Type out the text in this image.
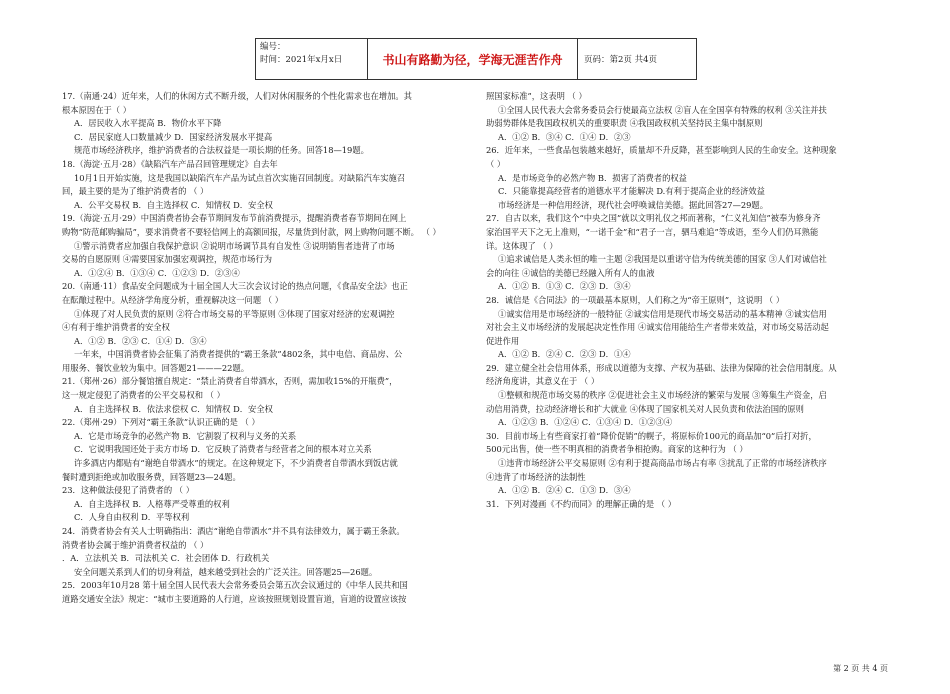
编号：
时间：2021年x月x日	书山有路勤为径，学海无涯苦作舟	页码：第2页 共4页
17.（南通·24）近年来，人们的休闲方式不断升级，人们对休闲服务的个性化需求也在增加。其
根本原因在于（ ）
A．居民收入水平提高 B．物价水平下降
C．居民家庭人口数量减少 D．国家经济发展水平提高
规范市场经济秩序，维护消费者的合法权益是一项长期的任务。回答18—19题。
18.（海淀·五月·28）《缺陷汽车产品召回管理规定》自去年
10月1日开始实施，这是我国以缺陷汽车产品为试点首次实施召回制度。对缺陷汽车实施召
回，最主要的是为了维护消费者的 （ ）
A．公平交易权 B．自主选择权 C．知情权 D．安全权
19.（海淀·五月·29）中国消费者协会春节期间发布节前消费提示，提醒消费者春节期间在网上
购物“防范邮购骗局”，要求消费者不要轻信网上的高额回报，尽量货到付款，网上购物问题不断。 （ ）
①警示消费者应加强自我保护意识 ②说明市场调节具有自发性 ③说明销售者违背了市场
交易的自愿原则 ④需要国家加强宏观调控，规范市场行为
A．①②④ B．①③④ C．①②③ D．②③④
20.（南通·11）食品安全问题成为十届全国人大三次会议讨论的热点问题，《食品安全法》也正
在酝酿过程中。从经济学角度分析，重视解决这一问题 （ ）
①体现了对人民负责的原则 ②符合市场交易的平等原则 ③体现了国家对经济的宏观调控
④有利于维护消费者的安全权
A．①② B．②③ C．①④ D．③④
一年来，中国消费者协会征集了消费者提供的“霸王条款”4802条，其中电信、商品房、公
用服务、餐饮业较为集中。回答题21———22题。
21.（郑州·26）部分餐馆擅自规定：“禁止消费者自带酒水，否则，需加收15%的开瓶费”，
这一规定侵犯了消费者的公平交易权和 （ ）
A．自主选择权 B．依法求偿权 C．知情权 D．安全权
22.（郑州·29）下列对“霸王条款”认识正确的是 （ ）
A．它是市场竞争的必然产物 B．它割裂了权利与义务的关系
C．它说明我国还处于卖方市场 D．它反映了消费者与经营者之间的根本对立关系
许多酒店内都贴有“谢绝自带酒水”的规定。在这种规定下，不少消费者自带酒水到饭店就
餐时遭到拒绝或加收服务费，回答题23—24题。
23．这种做法侵犯了消费者的 （ ）
A．自主选择权 B．人格尊严受尊重的权利
C．人身自由权利 D．平等权利
24．消费者协会有关人士明确指出：酒店“谢绝自带酒水”并不具有法律效力，属于霸王条款。
消费者协会属于维护消费者权益的 （ ）
．A．立法机关 B．司法机关 C．社会团体 D．行政机关
安全问题关系到人们的切身利益，越来越受到社会的广泛关注。回答题25—26题。
25．2003年10月28 第十届全国人民代表大会常务委员会第五次会议通过的《中华人民共和国
道路交通安全法》规定：“城市主要道路的人行道，应该按照规划设置盲道，盲道的设置应该按
照国家标准”，这表明 （ ）
①全国人民代表大会常务委员会行使最高立法权 ②盲人在全国享有特殊的权利 ③关注并扶
助弱势群体是我国政权机关的重要职责 ④我国政权机关坚持民主集中制原则
A．①② B．③④ C．①④ D．②③
26．近年来，一些食品包装越来越好，质量却不升反降，甚至影响到人民的生命安全。这种现象
（ ）
A．是市场竞争的必然产物 B．损害了消费者的权益
C．只能靠提高经营者的道德水平才能解决 D.有利于提高企业的经济效益
市场经济是一种信用经济，现代社会呼唤诚信美德。据此回答27—29题。
27．自古以来，我们这个“中央之国”就以文明礼仪之邦而著称，“仁义礼知信”被奉为修身齐
家治国平天下之无上准则，“一诺千金”和“君子一言，驷马难追”等成语，至今人们仍耳熟能
详。这体现了 （ ）
①追求诚信是人类永恒的唯一主题 ②我国是以重诺守信为传统美德的国家 ③人们对诚信社
会的向往 ④诚信的美德已经融入所有人的血液
A．①② B．①③ C．②③ D．③④
28．诚信是《合同法》的一项最基本原则，人们称之为“帝王原则”，这说明 （ ）
①诚实信用是市场经济的一般特征 ②诚实信用是现代市场交易活动的基本精神 ③诚实信用
对社会主义市场经济的发展起决定性作用 ④诚实信用能给生产者带来效益，对市场交易活动起
促进作用
A．①② B．②④ C．②③ D．①④
29．建立健全社会信用体系，形成以道德为支撑、产权为基础、法律为保障的社会信用制度。从
经济角度讲，其意义在于 （ ）
①整顿和规范市场交易的秩序 ②促进社会主义市场经济的繁荣与发展 ③筹集生产资金，启
动信用消费，拉动经济增长和扩大就业 ④体现了国家机关对人民负责和依法治国的原则
A．①②③ B．①②④ C．①③④ D．①②③④
30．目前市场上有些商家打着“降价促销”的幌子，将原标价100元的商品加“0”后打对折，
500元出售，使一些不明真相的消费者争相抢购。商家的这种行为 （ ）
①违背市场经济公平交易原则 ②有利于提高商品市场占有率 ③扰乱了正常的市场经济秩序
④违背了市场经济的法制性
A．①② B．②④ C．①③ D．③④
31．下列对漫画《不约而同》的理解正确的是 （ ）
第 2 页 共 4 页
